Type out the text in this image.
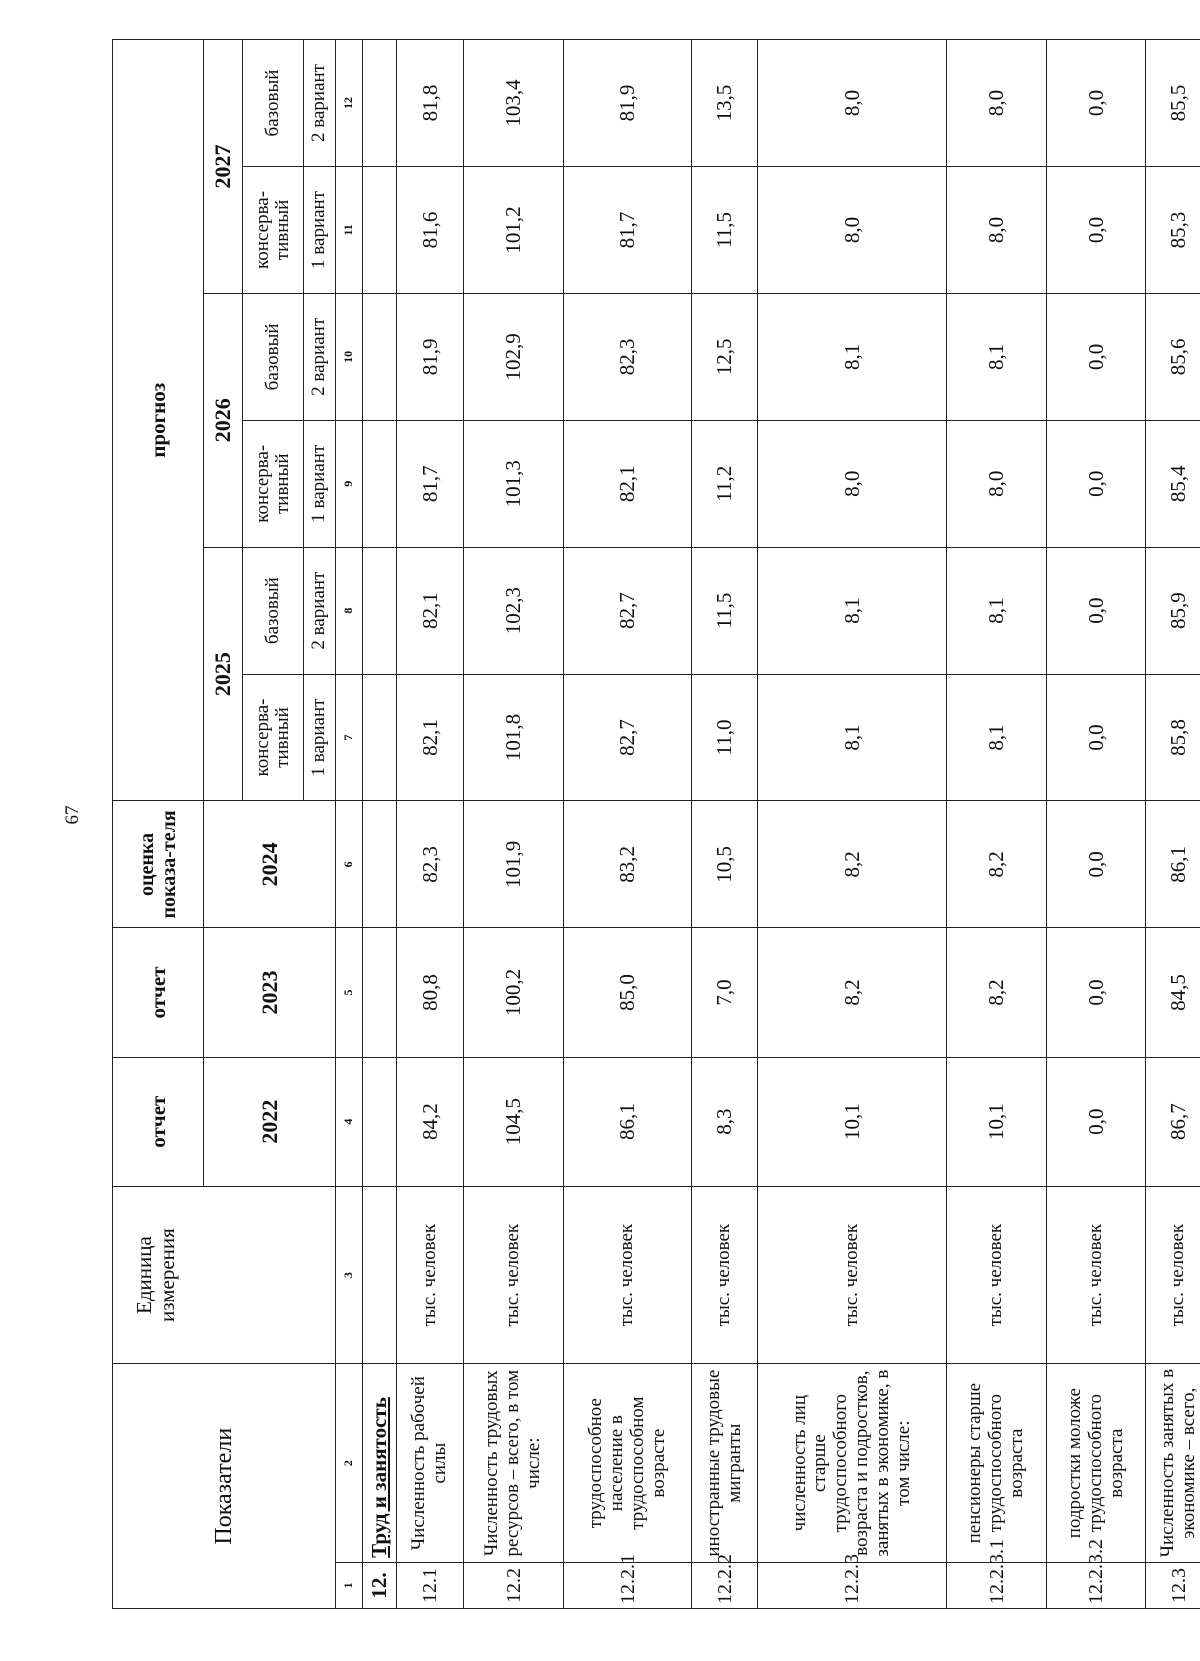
67
Показатели		Единица измерения	отчет	отчет	оценка показа-теля	прогноз					
			2022	2023	2024	2025		2026		2027	
						консерва-тивный	базовый	консерва-тивный	базовый	консерва-тивный	базовый
						1 вариант	2 вариант	1 вариант	2 вариант	1 вариант	2 вариант
1	2	3	4	5	6	7	8	9	10	11	12
12.	Труд и занятость										
12.1	Численность рабочей силы	тыс. человек	84,2	80,8	82,3	82,1	82,1	81,7	81,9	81,6	81,8
12.2	Численность трудовых ресурсов – всего, в том числе:	тыс. человек	104,5	100,2	101,9	101,8	102,3	101,3	102,9	101,2	103,4
12.2.1	трудоспособное население в трудоспособном возрасте	тыс. человек	86,1	85,0	83,2	82,7	82,7	82,1	82,3	81,7	81,9
12.2.2	иностранные трудовые мигранты	тыс. человек	8,3	7,0	10,5	11,0	11,5	11,2	12,5	11,5	13,5
12.2.3	численность лиц старше трудоспособного возраста и подростков, занятых в экономике, в том числе:	тыс. человек	10,1	8,2	8,2	8,1	8,1	8,0	8,1	8,0	8,0
12.2.3.1	пенсионеры старше трудоспособного возраста	тыс. человек	10,1	8,2	8,2	8,1	8,1	8,0	8,1	8,0	8,0
12.2.3.2	подростки моложе трудоспособного возраста	тыс. человек	0,0	0,0	0,0	0,0	0,0	0,0	0,0	0,0	0,0
12.3	Численность занятых в экономике – всего,	тыс. человек	86,7	84,5	86,1	85,8	85,9	85,4	85,6	85,3	85,5
